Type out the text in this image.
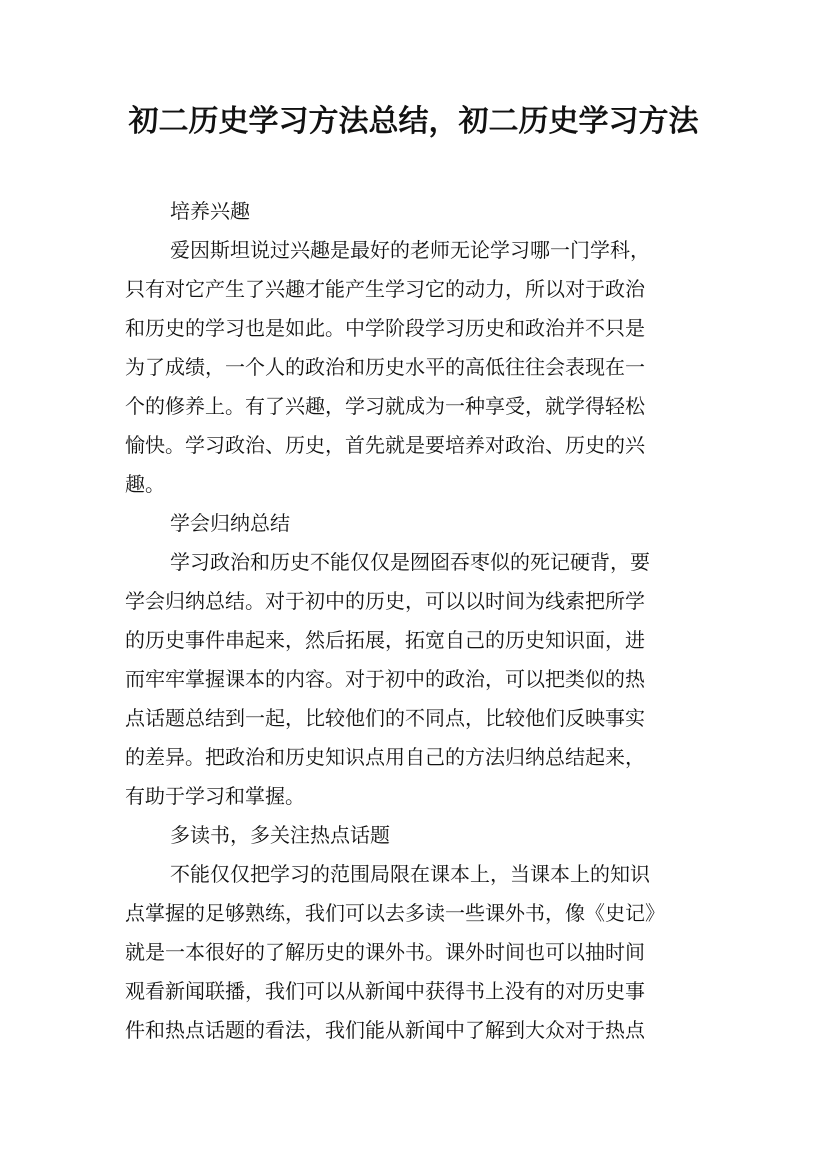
初二历史学习方法总结，初二历史学习方法
培养兴趣
爱因斯坦说过兴趣是最好的老师无论学习哪一门学科，
只有对它产生了兴趣才能产生学习它的动力，所以对于政治
和历史的学习也是如此。中学阶段学习历史和政治并不只是
为了成绩，一个人的政治和历史水平的高低往往会表现在一
个的修养上。有了兴趣，学习就成为一种享受，就学得轻松
愉快。学习政治、历史，首先就是要培养对政治、历史的兴
趣。
学会归纳总结
学习政治和历史不能仅仅是囫囵吞枣似的死记硬背，要
学会归纳总结。对于初中的历史，可以以时间为线索把所学
的历史事件串起来，然后拓展，拓宽自己的历史知识面，进
而牢牢掌握课本的内容。对于初中的政治，可以把类似的热
点话题总结到一起，比较他们的不同点，比较他们反映事实
的差异。把政治和历史知识点用自己的方法归纳总结起来，
有助于学习和掌握。
多读书，多关注热点话题
不能仅仅把学习的范围局限在课本上，当课本上的知识
点掌握的足够熟练，我们可以去多读一些课外书，像《史记》
就是一本很好的了解历史的课外书。课外时间也可以抽时间
观看新闻联播，我们可以从新闻中获得书上没有的对历史事
件和热点话题的看法，我们能从新闻中了解到大众对于热点
